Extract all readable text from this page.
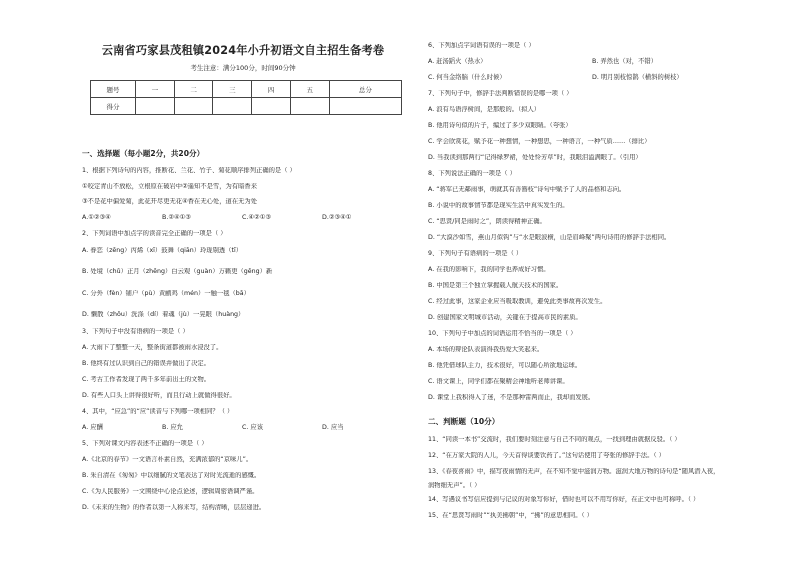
云南省巧家县茂租镇2024年小升初语文自主招生备考卷
考生注意：满分100分，时间90分钟
题号	一	二	三	四	五	总分
得分						
一、选择题（每小题2分，共20分）
1、根据下列诗句的内容，推断花、兰花、竹子、菊花顺序排列正确的是（ ）
①咬定青山不放松，立根原在破岩中②遥知不是雪，为有暗香来
③不是花中偏爱菊，此花开尽更无花④香在无心处，道在无为处
A.①②③④	B.②④①③	C.④②①③	D.②③④①
2、下列词语中加点字的读音完全正确的一项是（ ）
A. 眷恋（zēng）丙烯（xī）鼓舞（qiān）玲珑剔透（tī）
B. 处境（chǔ）正月（zhēng）白云观（guàn）万籁更（gēng）新
C. 分外（fèn）铺户（pù）黄鹂鸡（mén）一触一毯（bā）
D. 懒散（zhōu）洗涤（dí）着魂（jù）一晃眼（huàng）
3、下列句子中没有语病的一项是（ ）
A. 大雨下了整整一天，整条街道都被雨水浸没了。
B. 他终有过认识到自己的错误并做出了决定。
C. 考古工作者发现了两千多年前出土的文物。
D. 有些人口头上讲得很好听，而且行动上就做得很好。
4、其中，“应急”的“应”读音与下列哪一项相同？（ ）
A. 应酬	B. 应允	C. 应该	D. 应当
5、下列对课文内容表述不正确的一项是（ ）
A.《北京的春节》一文语言朴素自然，充满浓郁的“京味儿”。
B. 朱自清在《匆匆》中以细腻的文笔表达了对时光流逝的感慨。
C.《为人民服务》一文围绕中心论点论述，逻辑周密语调严谨。
D.《未来的生物》的作者以第一人称来写，结构清晰，层层递进。
6、下列加点字词语有误的一项是（ ）
A. 赶汤蹈火（热水）	B. 弄然也（对，不错）
C. 何当金络脑（什么时候）	D. 明月别枝惊鹊（横斜的树枝）
7、下列句子中，修辞手法判断错误的是哪一项（ ）
A. 浪有鸟语浮树间，是那般的。（拟人）
B. 他用诗句似的片子，编过了多少双眼睛。（夸张）
C. 学会欣赏花，赋予花一种想情，一种想思，一种语言，一种气质……（排比）
D. 当我读到那两行“记得绿罗裙，处处怜芳草”时，我眼泪溢满眼了。（引用）
8、下列说法正确的一项是（ ）
A. “蒋军已无鄰雨事，萌就其有善簪枝”诗句中赋予了人的品格和志向。
B. 小说中的故事情节都是现实生活中真实发生的。
C. “思贤/同是雨时之”，朗读得精神正确。
D. “大漠沙如雪，燕山月似钩”与“水是眼波横，山是眉峰聚”两句诗用的修辞手法相同。
9、下列句子有语病的一项是（ ）
A. 在我的影响下，我的同学也养成好习惯。
B. 中国是第三个独立掌握载人航天技术的国家。
C. 经过此事，这家企业应当吸取教训，避免此类事故再次发生。
D. 创建国家文明城市活动，关键在于提高市民的素质。
10、下列句子中加点的词语运用不恰当的一项是（ ）
A. 本场的辩论队表演得我热爱大笑起来。
B. 他凭借球队主力，技术很好，可以随心所欲地运球。
C. 语文课上，同学们都在聚精会神地听老师讲课。
D. 课堂上我积得入了迷，不是那种雷两而止，我却而发展。
二、判断题（10分）
11、“同读一本书”交流时，我们要时刻注意与自己不同的观点，一找到理由就据反驳。（ ）
12、“在万家大院的人儿，今天首得谈要饮药了。”这句话使用了夸张的修辞手法。（ ）
13、《春夜喜雨》中，描写夜雨情的无声，在不知不觉中滋润万物。滋润大地万物的诗句是“随风潜入夜，
润物细无声”。（ ）
14、写遇议书写信应提到与记议的对象写你好，借时也可以不用写你好，在正文中也可称呼。（ ）
15、在“思贤写雨时”“执美拂朝”中，“拂”的意思相同。（ ）
